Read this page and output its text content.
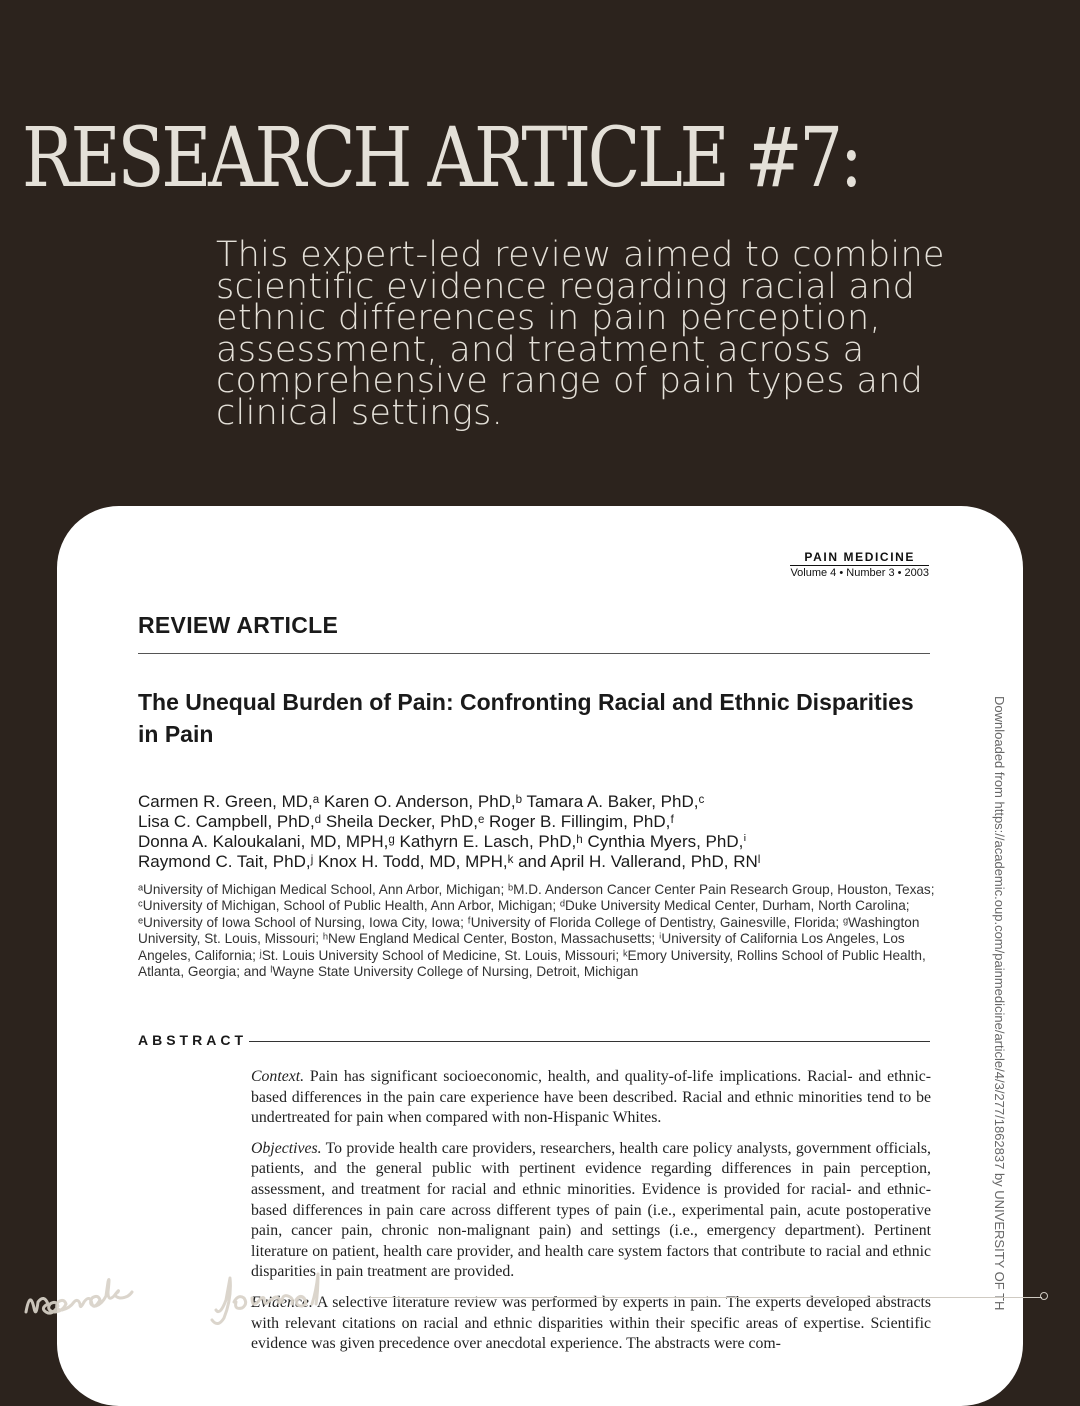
RESEARCH ARTICLE #7:

This expert-led review aimed to combine scientific evidence regarding racial and ethnic differences in pain perception, assessment, and treatment across a comprehensive range of pain types and clinical settings.

PAIN MEDICINE
Volume 4 • Number 3 • 2003
REVIEW ARTICLE
The Unequal Burden of Pain: Confronting Racial and Ethnic Disparities in Pain

Carmen R. Green, MD,ᵃ Karen O. Anderson, PhD,ᵇ Tamara A. Baker, PhD,ᶜ
Lisa C. Campbell, PhD,ᵈ Sheila Decker, PhD,ᵉ Roger B. Fillingim, PhD,ᶠ
Donna A. Kaloukalani, MD, MPH,ᵍ Kathyrn E. Lasch, PhD,ʰ Cynthia Myers, PhD,ⁱ
Raymond C. Tait, PhD,ʲ Knox H. Todd, MD, MPH,ᵏ and April H. Vallerand, PhD, RNˡ

ᵃUniversity of Michigan Medical School, Ann Arbor, Michigan; ᵇM.D. Anderson Cancer Center Pain Research Group, Houston, Texas; ᶜUniversity of Michigan, School of Public Health, Ann Arbor, Michigan; ᵈDuke University Medical Center, Durham, North Carolina; ᵉUniversity of Iowa School of Nursing, Iowa City, Iowa; ᶠUniversity of Florida College of Dentistry, Gainesville, Florida; ᵍWashington University, St. Louis, Missouri; ʰNew England Medical Center, Boston, Massachusetts; ⁱUniversity of California Los Angeles, Los Angeles, California; ʲSt. Louis University School of Medicine, St. Louis, Missouri; ᵏEmory University, Rollins School of Public Health, Atlanta, Georgia; and ˡWayne State University College of Nursing, Detroit, Michigan

ABSTRACT

Context. Pain has significant socioeconomic, health, and quality-of-life implications. Racial- and ethnic-based differences in the pain care experience have been described. Racial and ethnic minorities tend to be undertreated for pain when compared with non-Hispanic Whites.

Objectives. To provide health care providers, researchers, health care policy analysts, government officials, patients, and the general public with pertinent evidence regarding differences in pain perception, assessment, and treatment for racial and ethnic minorities. Evidence is provided for racial- and ethnic-based differences in pain care across different types of pain (i.e., experimental pain, acute postoperative pain, cancer pain, chronic non-malignant pain) and settings (i.e., emergency department). Pertinent literature on patient, health care provider, and health care system factors that contribute to racial and ethnic disparities in pain treatment are provided.

Evidence. A selective literature review was performed by experts in pain. The experts developed abstracts with relevant citations on racial and ethnic disparities within their specific areas of expertise. Scientific evidence was given precedence over anecdotal experience. The abstracts were com-

Downloaded from https://academic.oup.com/painmedicine/article/4/3/277/1862837 by UNIVERSITY OF TH
